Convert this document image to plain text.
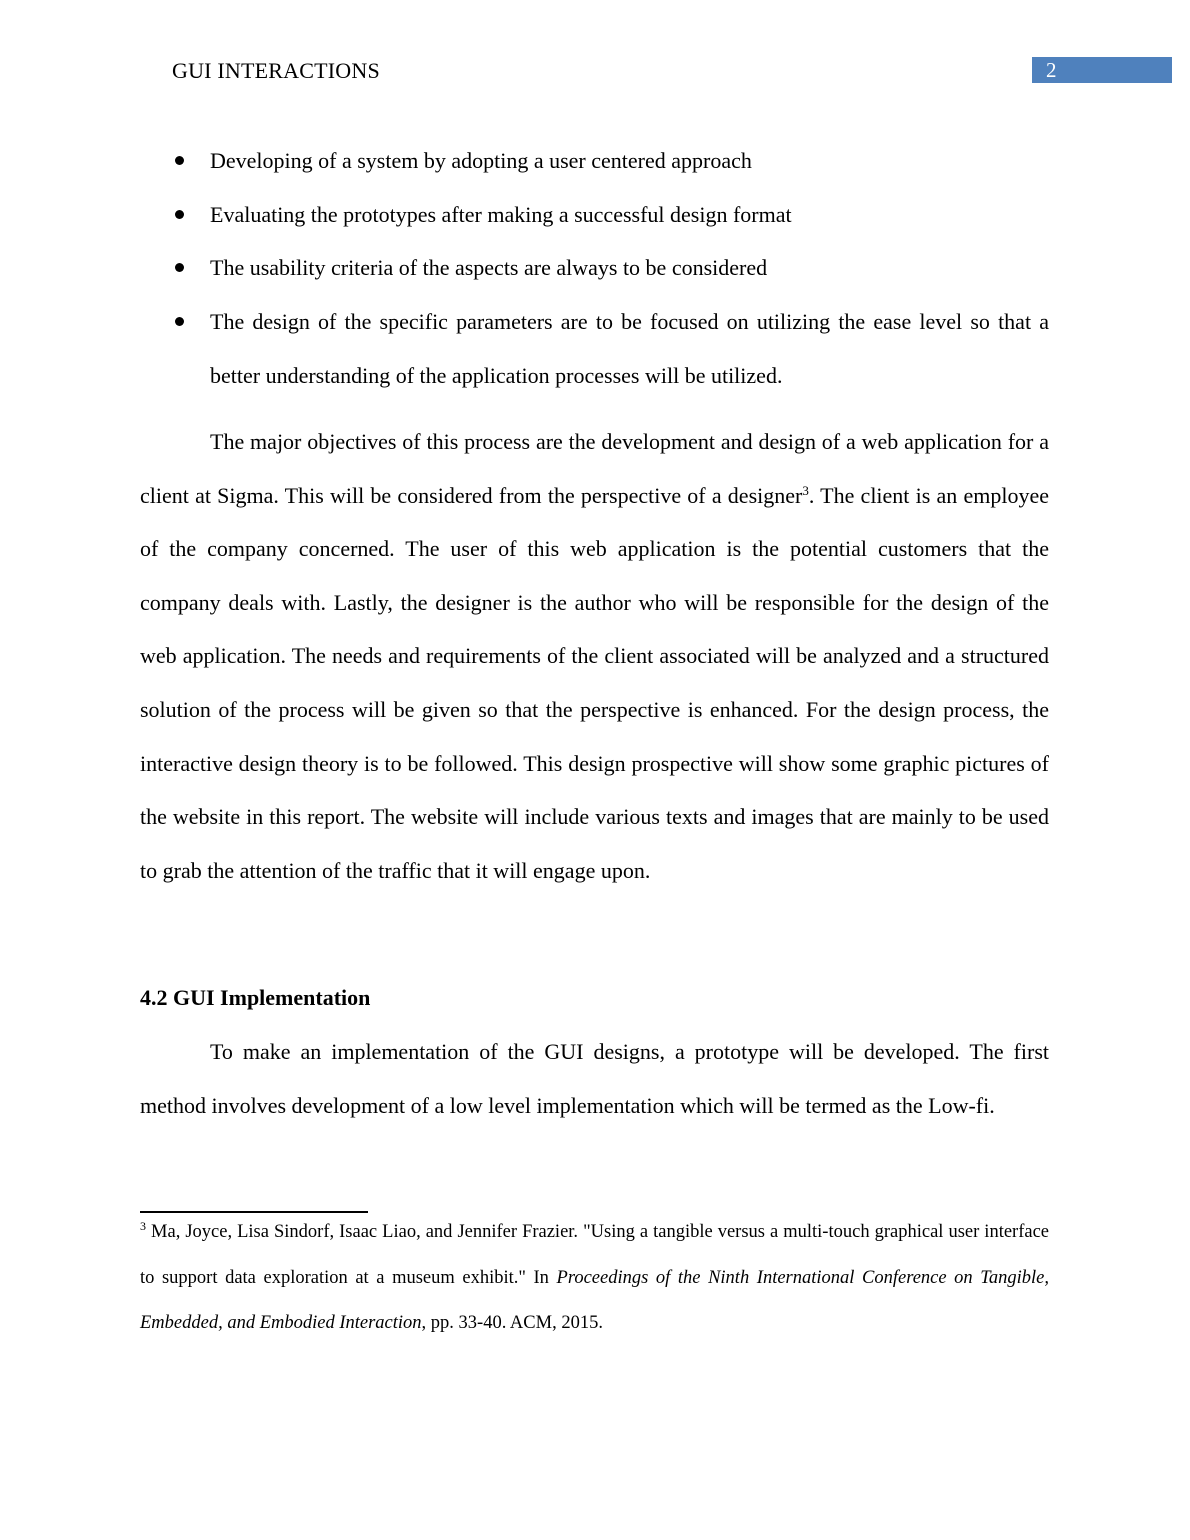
GUI INTERACTIONS	2
Developing of a system by adopting a user centered approach
Evaluating the prototypes after making a successful design format
The usability criteria of the aspects are always to be considered
The design of the specific parameters are to be focused on utilizing the ease level so that a better understanding of the application processes will be utilized.

The major objectives of this process are the development and design of a web application for a client at Sigma. This will be considered from the perspective of a designer$^3$. The client is an employee of the company concerned. The user of this web application is the potential customers that the company deals with. Lastly, the designer is the author who will be responsible for the design of the web application. The needs and requirements of the client associated will be analyzed and a structured solution of the process will be given so that the perspective is enhanced. For the design process, the interactive design theory is to be followed. This design prospective will show some graphic pictures of the website in this report. The website will include various texts and images that are mainly to be used to grab the attention of the traffic that it will engage upon.

4.2 GUI Implementation

To make an implementation of the GUI designs, a prototype will be developed. The first method involves development of a low level implementation which will be termed as the Low-fi.

$^3$ Ma, Joyce, Lisa Sindorf, Isaac Liao, and Jennifer Frazier. "Using a tangible versus a multi-touch graphical user interface to support data exploration at a museum exhibit." In Proceedings of the Ninth International Conference on Tangible, Embedded, and Embodied Interaction, pp. 33-40. ACM, 2015.
